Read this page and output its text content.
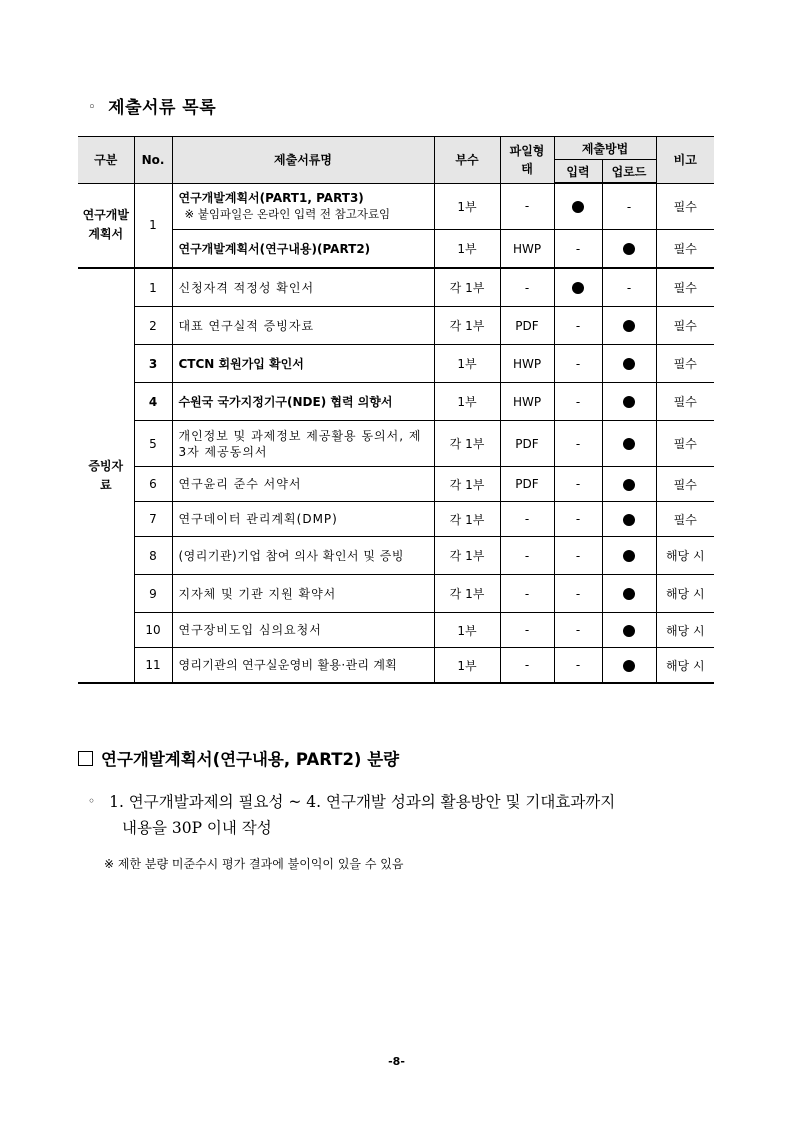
◦ 제출서류 목록
구분	No.	제출서류명	부수	파일형태	제출방법		비고
					입력	업로드	
연구개발계획서	1	연구개발계획서(PART1, PART3)
※ 붙임파일은 온라인 입력 전 참고자료임	1부	-		-	필수
		연구개발계획서(연구내용)(PART2)	1부	HWP	-		필수
증빙자료	1	신청자격 적정성 확인서	각 1부	-		-	필수
	2	대표 연구실적 증빙자료	각 1부	PDF	-		필수
	3	CTCN 회원가입 확인서	1부	HWP	-		필수
	4	수원국 국가지정기구(NDE) 협력 의향서	1부	HWP	-		필수
	5	개인정보 및 과제정보 제공활용 동의서, 제3자 제공동의서	각 1부	PDF	-		필수
	6	연구윤리 준수 서약서	각 1부	PDF	-		필수
	7	연구데이터 관리계획(DMP)	각 1부	-	-		필수
	8	(영리기관)기업 참여 의사 확인서 및 증빙	각 1부	-	-		해당 시
	9	지자체 및 기관 지원 확약서	각 1부	-	-		해당 시
	10	연구장비도입 심의요청서	1부	-	-		해당 시
	11	영리기관의 연구실운영비 활용·관리 계획	1부	-	-		해당 시
연구개발계획서(연구내용, PART2) 분량
◦ 1. 연구개발과제의 필요성 ~ 4. 연구개발 성과의 활용방안 및 기대효과까지
내용을 30P 이내 작성
※ 제한 분량 미준수시 평가 결과에 불이익이 있을 수 있음
-8-
